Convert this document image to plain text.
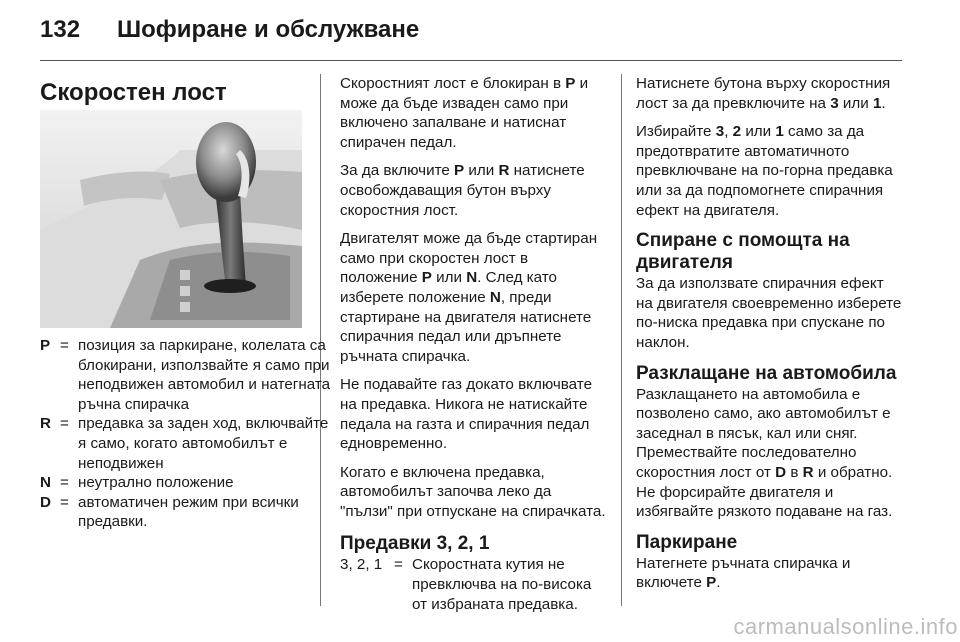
132 Шофиране и обслужване
Скоростен лост
P = позиция за паркиране, колелата са блокирани, използвайте я само при неподвижен автомобил и натегната ръчна спирачка
R = предавка за заден ход, включвайте я само, когато автомобилът е неподвижен
N = неутрално положение
D = автоматичен режим при всички предавки.

Скоростният лост е блокиран в P и може да бъде изваден само при включено запалване и натиснат спирачен педал.

За да включите P или R натиснете освобождаващия бутон върху скоростния лост.

Двигателят може да бъде стартиран само при скоростен лост в положение P или N. След като изберете положение N, преди стартиране на двигателя натиснете спирачния педал или дръпнете ръчната спирачка.

Не подавайте газ докато включвате на предавка. Никога не натискайте педала на газта и спирачния педал едновременно.

Когато е включена предавка, автомобилът започва леко да "пълзи" при отпускане на спирачката.

Предавки 3, 2, 1
3, 2, 1 = Скоростната кутия не превключва на по-висока от избраната предавка.

Натиснете бутона върху скоростния лост за да превключите на 3 или 1.

Избирайте 3, 2 или 1 само за да предотвратите автоматичното превключване на по-горна предавка или за да подпомогнете спирачния ефект на двигателя.

Спиране с помощта на двигателя

За да използвате спирачния ефект на двигателя своевременно изберете по-ниска предавка при спускане по наклон.

Разклащане на автомобила

Разклащането на автомобила е позволено само, ако автомобилът е заседнал в пясък, кал или сняг. Премествайте последователно скоростния лост от D в R и обратно. Не форсирайте двигателя и избягвайте рязкото подаване на газ.

Паркиране

Натегнете ръчната спирачка и включете P.

carmanualsonline.info
